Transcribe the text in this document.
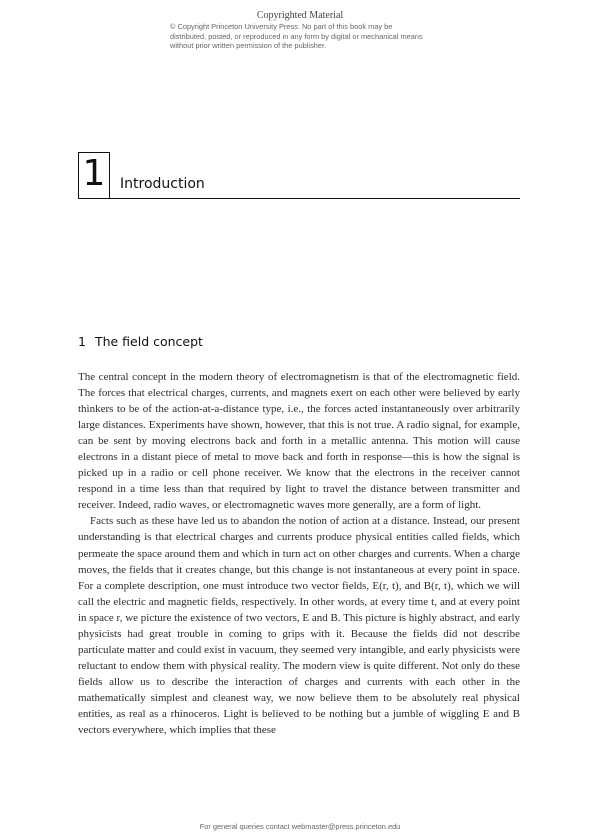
Copyrighted Material
© Copyright Princeton University Press. No part of this book may be distributed, posted, or reproduced in any form by digital or mechanical means without prior written permission of the publisher.
1	Introduction
1 The field concept

The central concept in the modern theory of electromagnetism is that of the electromagnetic field. The forces that electrical charges, currents, and magnets exert on each other were believed by early thinkers to be of the action-at-a-distance type, i.e., the forces acted instantaneously over arbitrarily large distances. Experiments have shown, however, that this is not true. A radio signal, for example, can be sent by moving electrons back and forth in a metallic antenna. This motion will cause electrons in a distant piece of metal to move back and forth in response—this is how the signal is picked up in a radio or cell phone receiver. We know that the electrons in the receiver cannot respond in a time less than that required by light to travel the distance between transmitter and receiver. Indeed, radio waves, or electromagnetic waves more generally, are a form of light.

Facts such as these have led us to abandon the notion of action at a distance. Instead, our present understanding is that electrical charges and currents produce physical entities called fields, which permeate the space around them and which in turn act on other charges and currents. When a charge moves, the fields that it creates change, but this change is not instantaneous at every point in space. For a complete description, one must introduce two vector fields, E(r, t), and B(r, t), which we will call the electric and magnetic fields, respectively. In other words, at every time t, and at every point in space r, we picture the existence of two vectors, E and B. This picture is highly abstract, and early physicists had great trouble in coming to grips with it. Because the fields did not describe particulate matter and could exist in vacuum, they seemed very intangible, and early physicists were reluctant to endow them with physical reality. The modern view is quite different. Not only do these fields allow us to describe the interaction of charges and currents with each other in the mathematically simplest and cleanest way, we now believe them to be absolutely real physical entities, as real as a rhinoceros. Light is believed to be nothing but a jumble of wiggling E and B vectors everywhere, which implies that these

For general queries contact webmaster@press.princeton.edu
